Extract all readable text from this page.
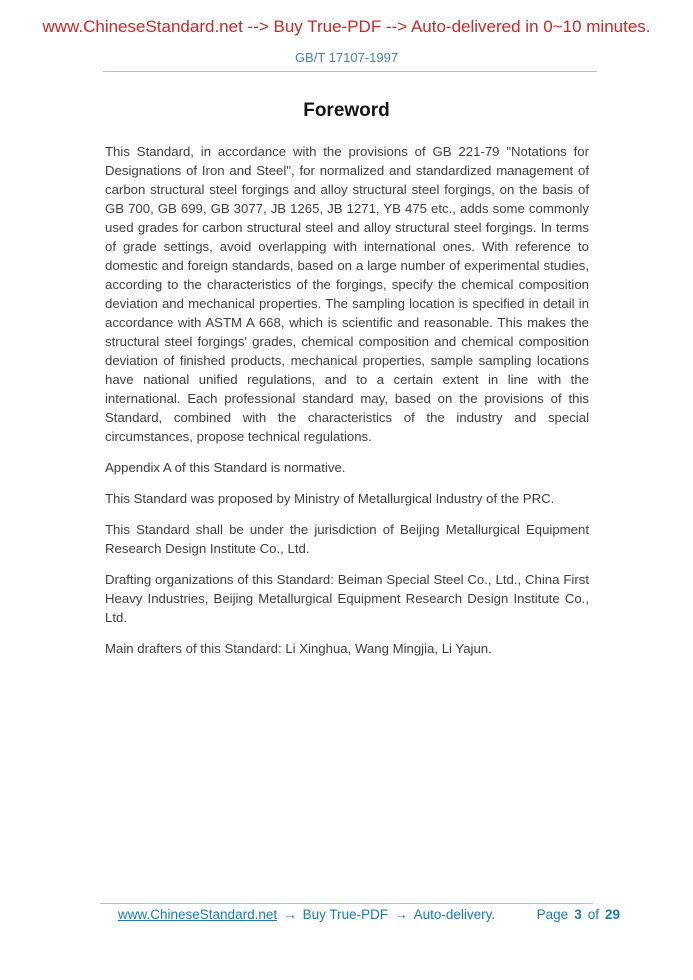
www.ChineseStandard.net --> Buy True-PDF --> Auto-delivered in 0~10 minutes.
GB/T 17107-1997
Foreword

This Standard, in accordance with the provisions of GB 221-79 "Notations for Designations of Iron and Steel", for normalized and standardized management of carbon structural steel forgings and alloy structural steel forgings, on the basis of GB 700, GB 699, GB 3077, JB 1265, JB 1271, YB 475 etc., adds some commonly used grades for carbon structural steel and alloy structural steel forgings. In terms of grade settings, avoid overlapping with international ones. With reference to domestic and foreign standards, based on a large number of experimental studies, according to the characteristics of the forgings, specify the chemical composition deviation and mechanical properties. The sampling location is specified in detail in accordance with ASTM A 668, which is scientific and reasonable. This makes the structural steel forgings' grades, chemical composition and chemical composition deviation of finished products, mechanical properties, sample sampling locations have national unified regulations, and to a certain extent in line with the international. Each professional standard may, based on the provisions of this Standard, combined with the characteristics of the industry and special circumstances, propose technical regulations.

Appendix A of this Standard is normative.

This Standard was proposed by Ministry of Metallurgical Industry of the PRC.

This Standard shall be under the jurisdiction of Beijing Metallurgical Equipment Research Design Institute Co., Ltd.

Drafting organizations of this Standard: Beiman Special Steel Co., Ltd., China First Heavy Industries, Beijing Metallurgical Equipment Research Design Institute Co., Ltd.

Main drafters of this Standard: Li Xinghua, Wang Mingjia, Li Yajun.

www.ChineseStandard.net → Buy True-PDF → Auto-delivery.	Page 3 of 29
